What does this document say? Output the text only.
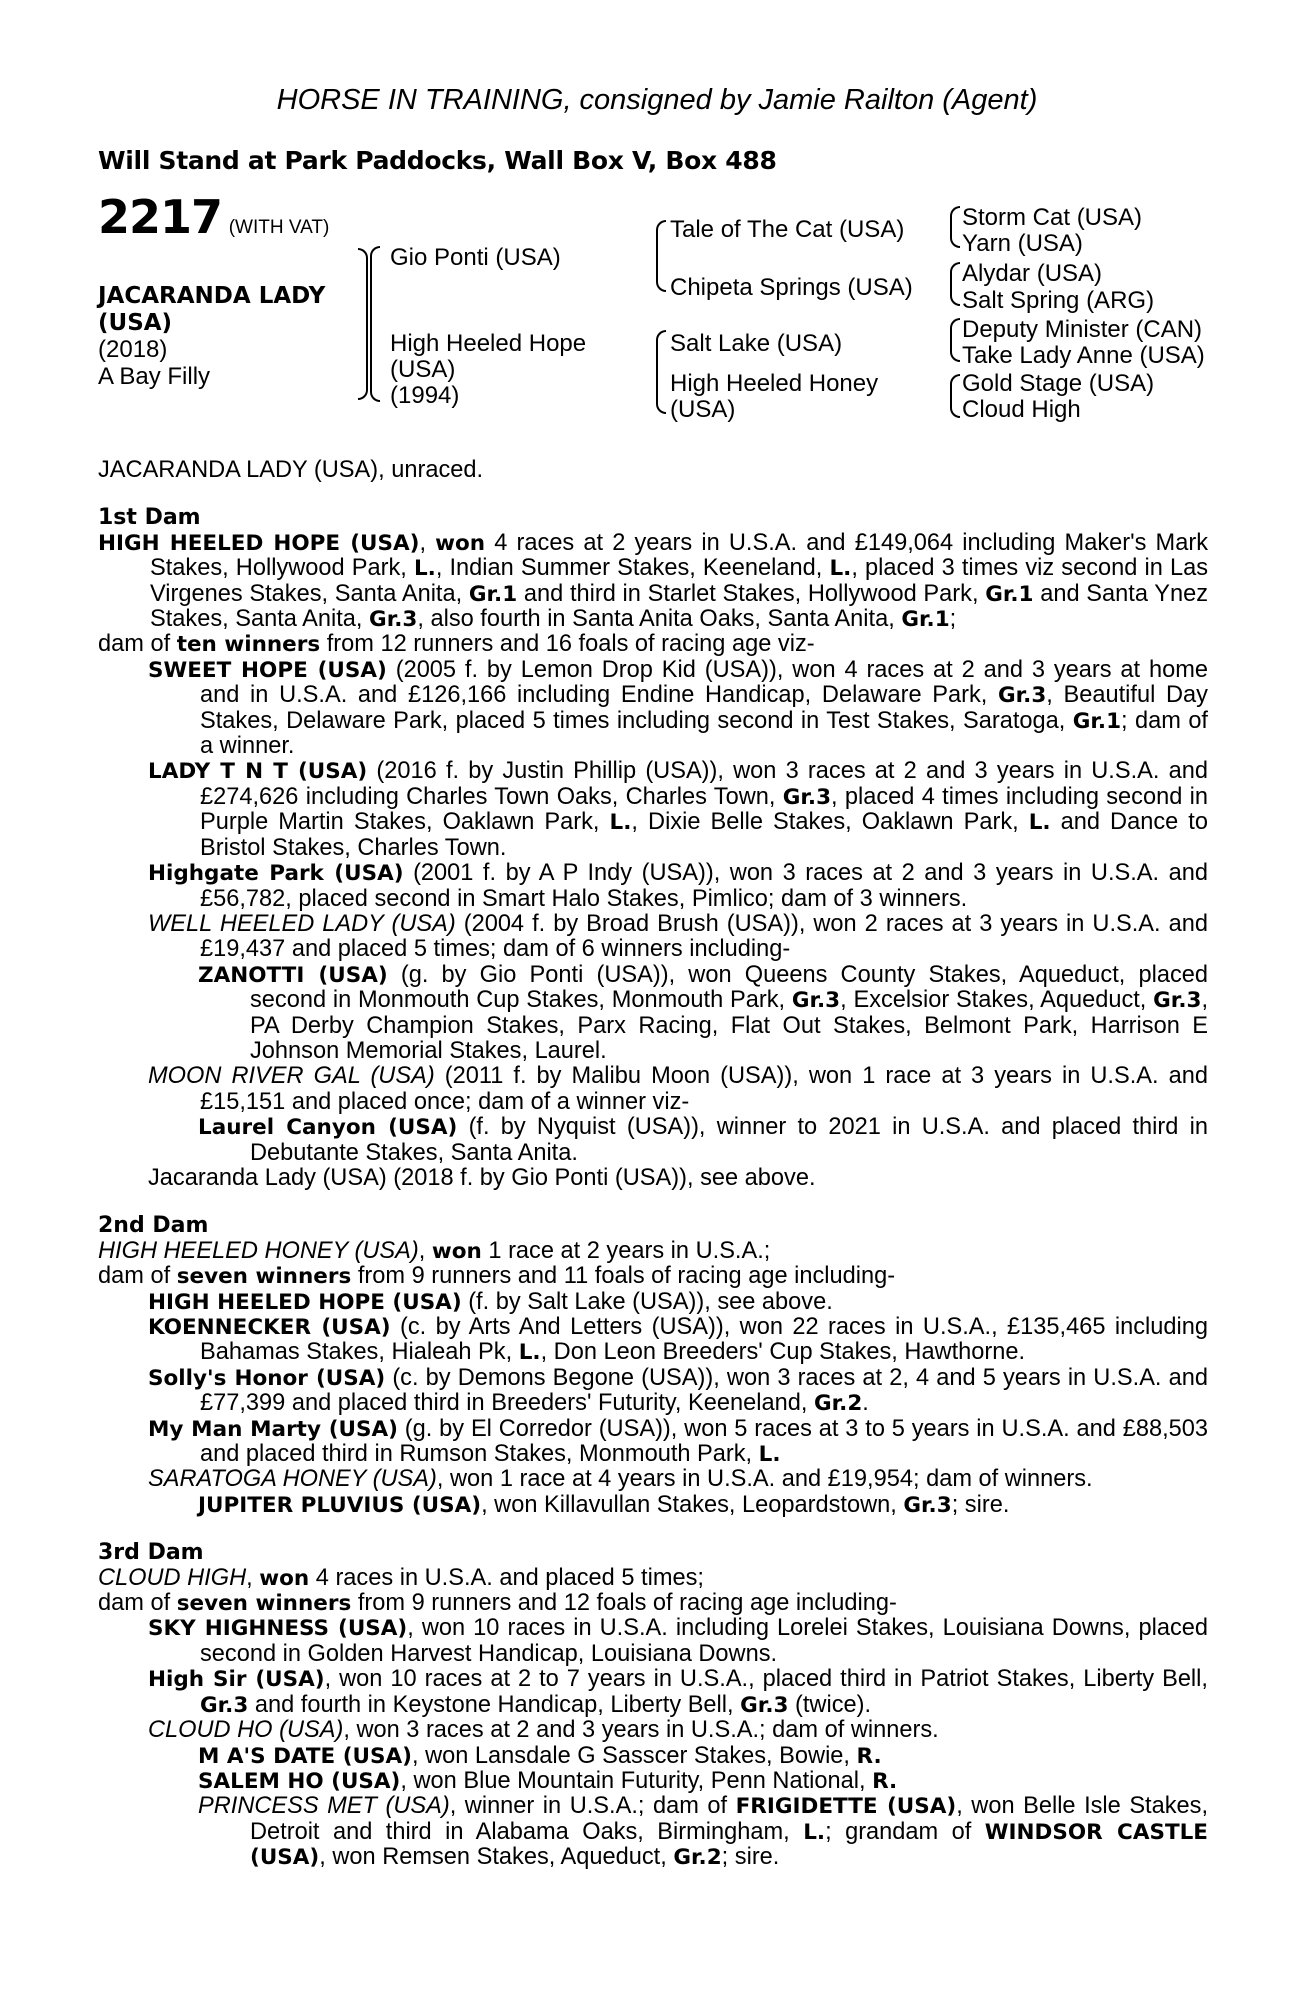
HORSE IN TRAINING, consigned by Jamie Railton (Agent)
Will Stand at Park Paddocks, Wall Box V, Box 488
2217 (WITH VAT)
JACARANDA LADY
(USA)
(2018)
A Bay Filly
Gio Ponti (USA)
High Heeled Hope
(USA)
(1994)
Tale of The Cat (USA)
Chipeta Springs (USA)
Salt Lake (USA)
High Heeled Honey
(USA)
Storm Cat (USA)
Yarn (USA)
Alydar (USA)
Salt Spring (ARG)
Deputy Minister (CAN)
Take Lady Anne (USA)
Gold Stage (USA)
Cloud High

JACARANDA LADY (USA), unraced.

1st Dam

HIGH HEELED HOPE (USA), won 4 races at 2 years in U.S.A. and £149,064 including Maker's Mark Stakes, Hollywood Park, L., Indian Summer Stakes, Keeneland, L., placed 3 times viz second in Las Virgenes Stakes, Santa Anita, Gr.1 and third in Starlet Stakes, Hollywood Park, Gr.1 and Santa Ynez Stakes, Santa Anita, Gr.3, also fourth in Santa Anita Oaks, Santa Anita, Gr.1;

dam of ten winners from 12 runners and 16 foals of racing age viz-

SWEET HOPE (USA) (2005 f. by Lemon Drop Kid (USA)), won 4 races at 2 and 3 years at home and in U.S.A. and £126,166 including Endine Handicap, Delaware Park, Gr.3, Beautiful Day Stakes, Delaware Park, placed 5 times including second in Test Stakes, Saratoga, Gr.1; dam of a winner.

LADY T N T (USA) (2016 f. by Justin Phillip (USA)), won 3 races at 2 and 3 years in U.S.A. and £274,626 including Charles Town Oaks, Charles Town, Gr.3, placed 4 times including second in Purple Martin Stakes, Oaklawn Park, L., Dixie Belle Stakes, Oaklawn Park, L. and Dance to Bristol Stakes, Charles Town.

Highgate Park (USA) (2001 f. by A P Indy (USA)), won 3 races at 2 and 3 years in U.S.A. and £56,782, placed second in Smart Halo Stakes, Pimlico; dam of 3 winners.

WELL HEELED LADY (USA) (2004 f. by Broad Brush (USA)), won 2 races at 3 years in U.S.A. and £19,437 and placed 5 times; dam of 6 winners including-

ZANOTTI (USA) (g. by Gio Ponti (USA)), won Queens County Stakes, Aqueduct, placed second in Monmouth Cup Stakes, Monmouth Park, Gr.3, Excelsior Stakes, Aqueduct, Gr.3, PA Derby Champion Stakes, Parx Racing, Flat Out Stakes, Belmont Park, Harrison E Johnson Memorial Stakes, Laurel.

MOON RIVER GAL (USA) (2011 f. by Malibu Moon (USA)), won 1 race at 3 years in U.S.A. and £15,151 and placed once; dam of a winner viz-

Laurel Canyon (USA) (f. by Nyquist (USA)), winner to 2021 in U.S.A. and placed third in Debutante Stakes, Santa Anita.

Jacaranda Lady (USA) (2018 f. by Gio Ponti (USA)), see above.

2nd Dam

HIGH HEELED HONEY (USA), won 1 race at 2 years in U.S.A.;

dam of seven winners from 9 runners and 11 foals of racing age including-

HIGH HEELED HOPE (USA) (f. by Salt Lake (USA)), see above.

KOENNECKER (USA) (c. by Arts And Letters (USA)), won 22 races in U.S.A., £135,465 including Bahamas Stakes, Hialeah Pk, L., Don Leon Breeders' Cup Stakes, Hawthorne.

Solly's Honor (USA) (c. by Demons Begone (USA)), won 3 races at 2, 4 and 5 years in U.S.A. and £77,399 and placed third in Breeders' Futurity, Keeneland, Gr.2.

My Man Marty (USA) (g. by El Corredor (USA)), won 5 races at 3 to 5 years in U.S.A. and £88,503 and placed third in Rumson Stakes, Monmouth Park, L.

SARATOGA HONEY (USA), won 1 race at 4 years in U.S.A. and £19,954; dam of winners.

JUPITER PLUVIUS (USA), won Killavullan Stakes, Leopardstown, Gr.3; sire.

3rd Dam

CLOUD HIGH, won 4 races in U.S.A. and placed 5 times;

dam of seven winners from 9 runners and 12 foals of racing age including-

SKY HIGHNESS (USA), won 10 races in U.S.A. including Lorelei Stakes, Louisiana Downs, placed second in Golden Harvest Handicap, Louisiana Downs.

High Sir (USA), won 10 races at 2 to 7 years in U.S.A., placed third in Patriot Stakes, Liberty Bell, Gr.3 and fourth in Keystone Handicap, Liberty Bell, Gr.3 (twice).

CLOUD HO (USA), won 3 races at 2 and 3 years in U.S.A.; dam of winners.

M A'S DATE (USA), won Lansdale G Sasscer Stakes, Bowie, R.

SALEM HO (USA), won Blue Mountain Futurity, Penn National, R.

PRINCESS MET (USA), winner in U.S.A.; dam of FRIGIDETTE (USA), won Belle Isle Stakes, Detroit and third in Alabama Oaks, Birmingham, L.; grandam of WINDSOR CASTLE (USA), won Remsen Stakes, Aqueduct, Gr.2; sire.
